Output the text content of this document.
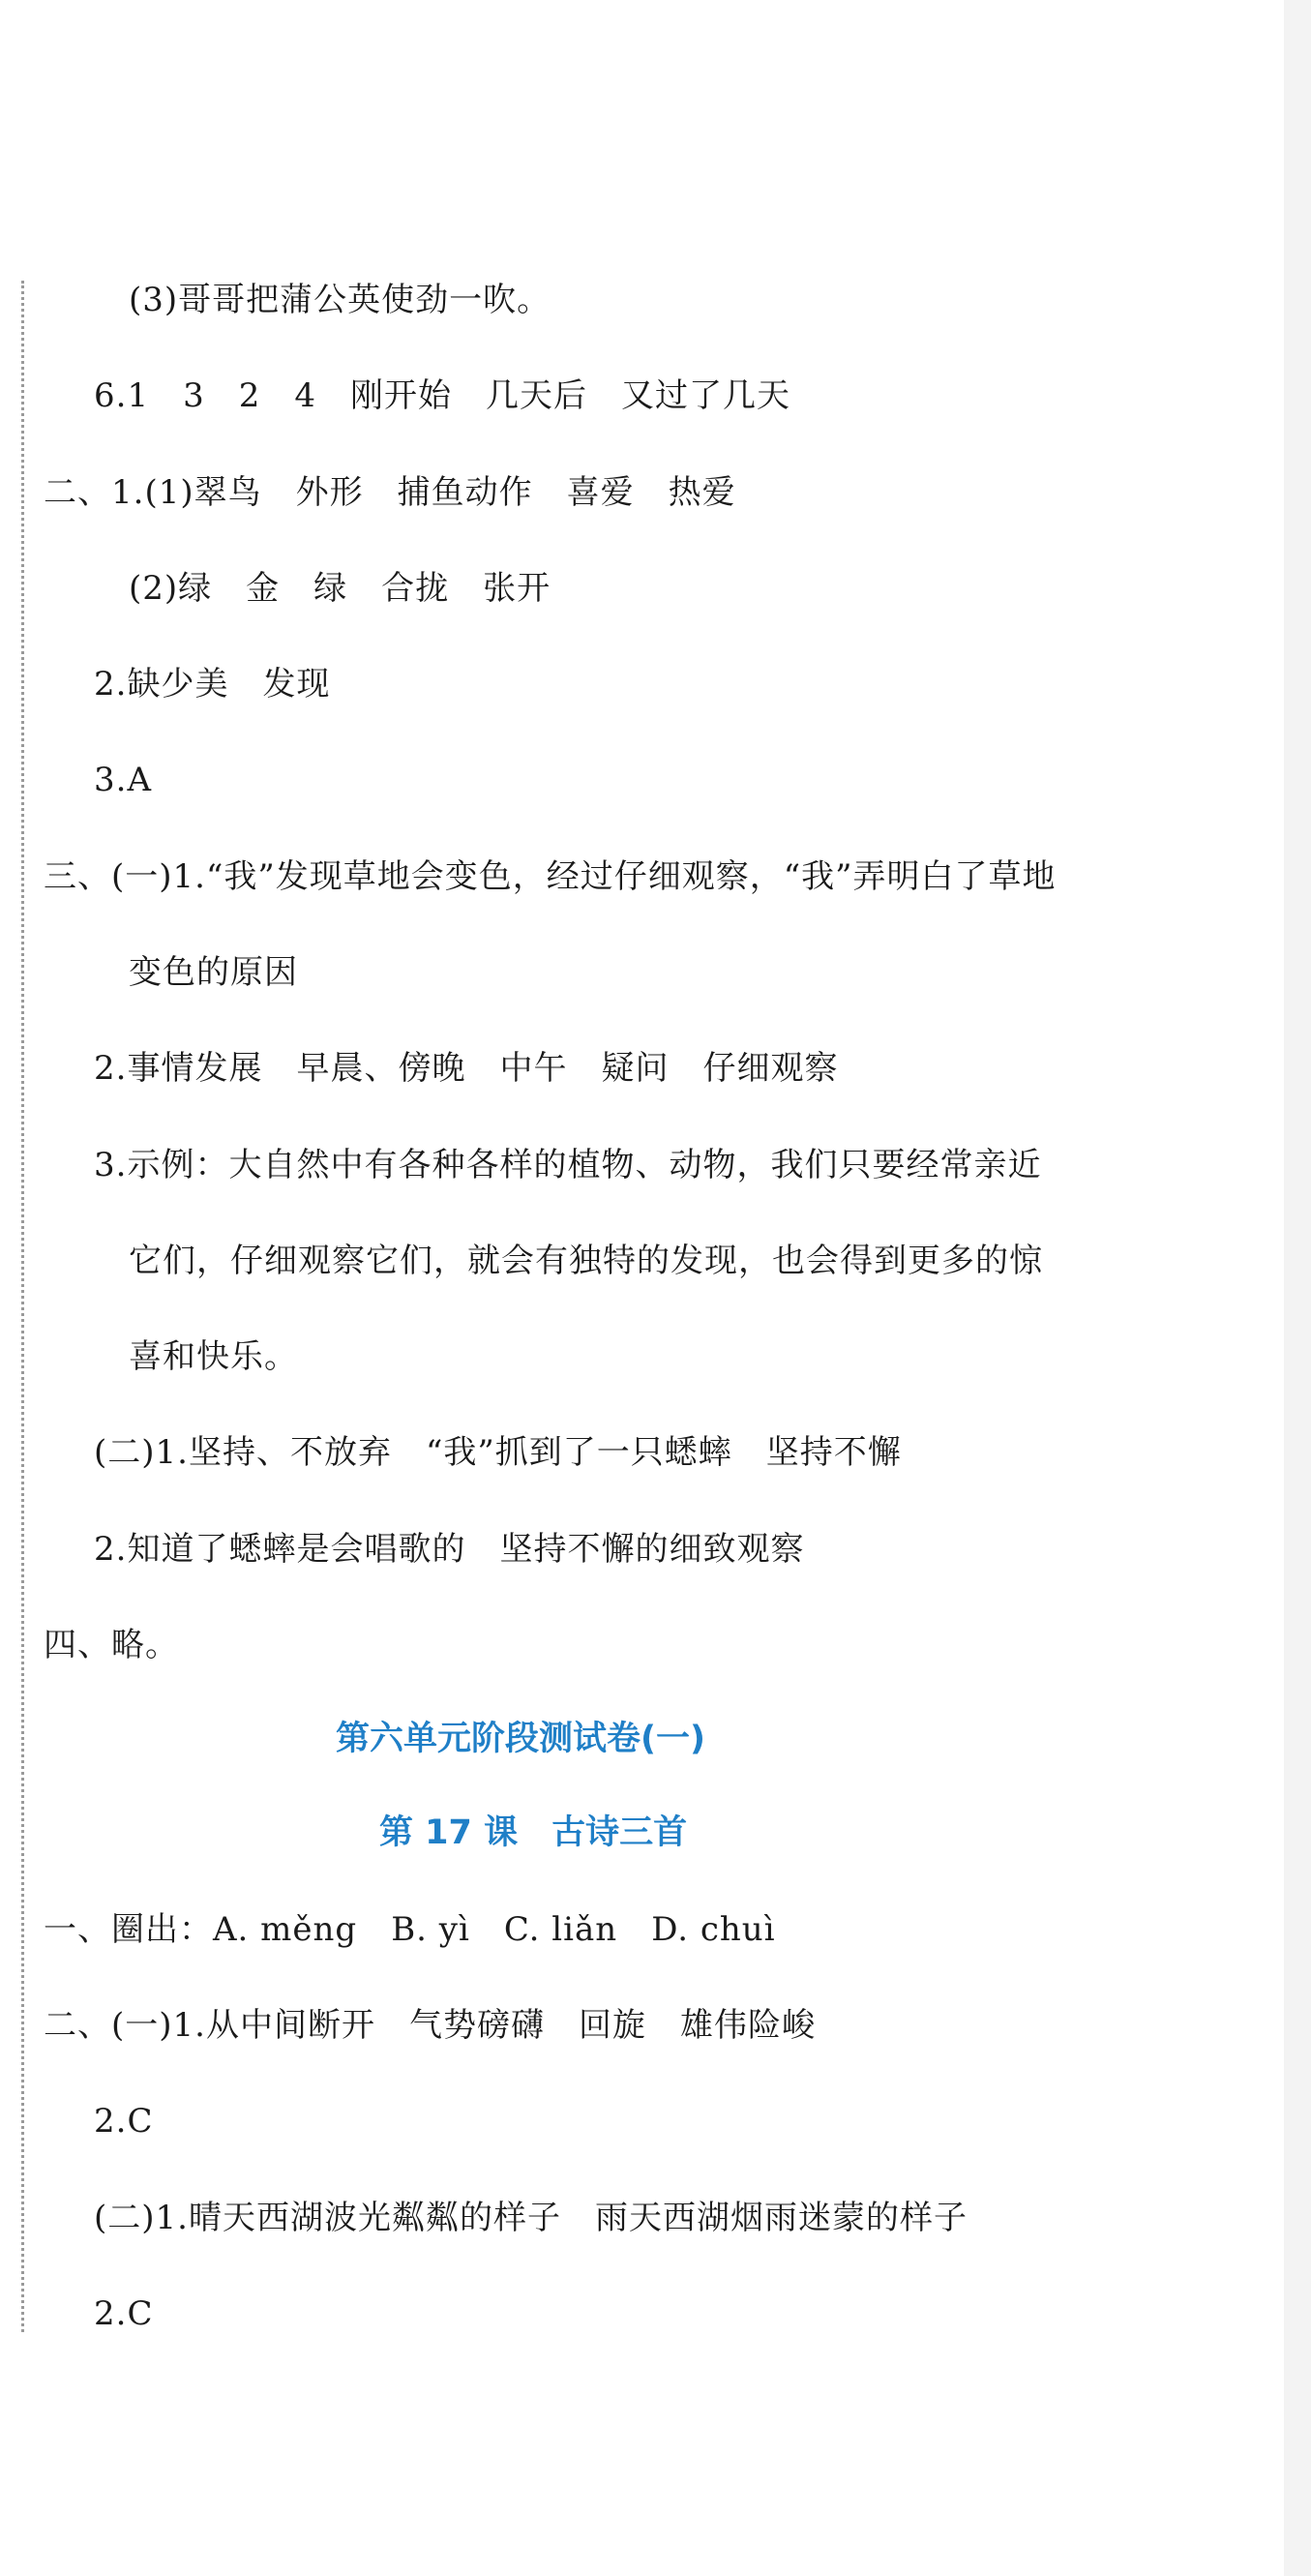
(3)哥哥把蒲公英使劲一吹。
6.1　3　2　4　刚开始　几天后　又过了几天
二、1.(1)翠鸟　外形　捕鱼动作　喜爱　热爱
(2)绿　金　绿　合拢　张开
2.缺少美　发现
3.A
三、(一)1.“我”发现草地会变色，经过仔细观察，“我”弄明白了草地
变色的原因
2.事情发展　早晨、傍晚　中午　疑问　仔细观察
3.示例：大自然中有各种各样的植物、动物，我们只要经常亲近
它们，仔细观察它们，就会有独特的发现，也会得到更多的惊
喜和快乐。
(二)1.坚持、不放弃　“我”抓到了一只蟋蟀　坚持不懈
2.知道了蟋蟀是会唱歌的　坚持不懈的细致观察
四、略。
第六单元阶段测试卷(一)
第 17 课　古诗三首
一、圈出：A. měng　B. yì　C. liǎn　D. chuì
二、(一)1.从中间断开　气势磅礴　回旋　雄伟险峻
2.C
(二)1.晴天西湖波光粼粼的样子　雨天西湖烟雨迷蒙的样子
2.C
